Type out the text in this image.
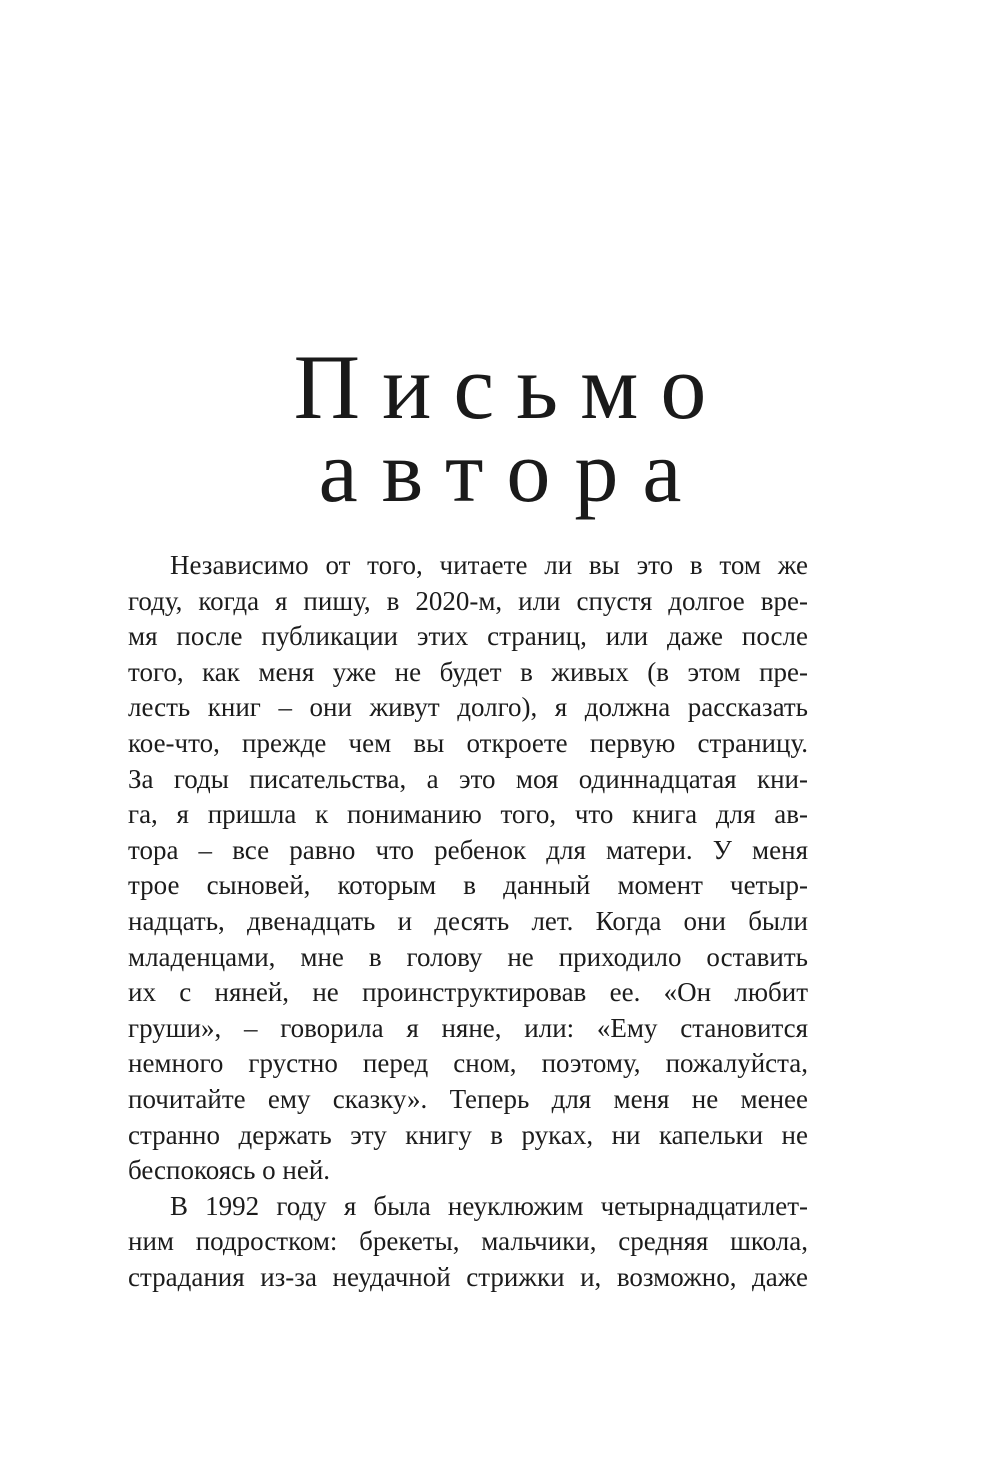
Письмо
автора
Независимо от того, читаете ли вы это в том же
году, когда я пишу, в 2020-м, или спустя долгое вре-
мя после публикации этих страниц, или даже после
того, как меня уже не будет в живых (в этом пре-
лесть книг – они живут долго), я должна рассказать
кое-что, прежде чем вы откроете первую страницу.
За годы писательства, а это моя одиннадцатая кни-
га, я пришла к пониманию того, что книга для ав-
тора – все равно что ребенок для матери. У меня
трое сыновей, которым в данный момент четыр-
надцать, двенадцать и десять лет. Когда они были
младенцами, мне в голову не приходило оставить
их с няней, не проинструктировав ее. «Он любит
груши», – говорила я няне, или: «Ему становится
немного грустно перед сном, поэтому, пожалуйста,
почитайте ему сказку». Теперь для меня не менее
странно держать эту книгу в руках, ни капельки не
беспокоясь о ней.
В 1992 году я была неуклюжим четырнадцатилет-
ним подростком: брекеты, мальчики, средняя школа,
страдания из-за неудачной стрижки и, возможно, даже
